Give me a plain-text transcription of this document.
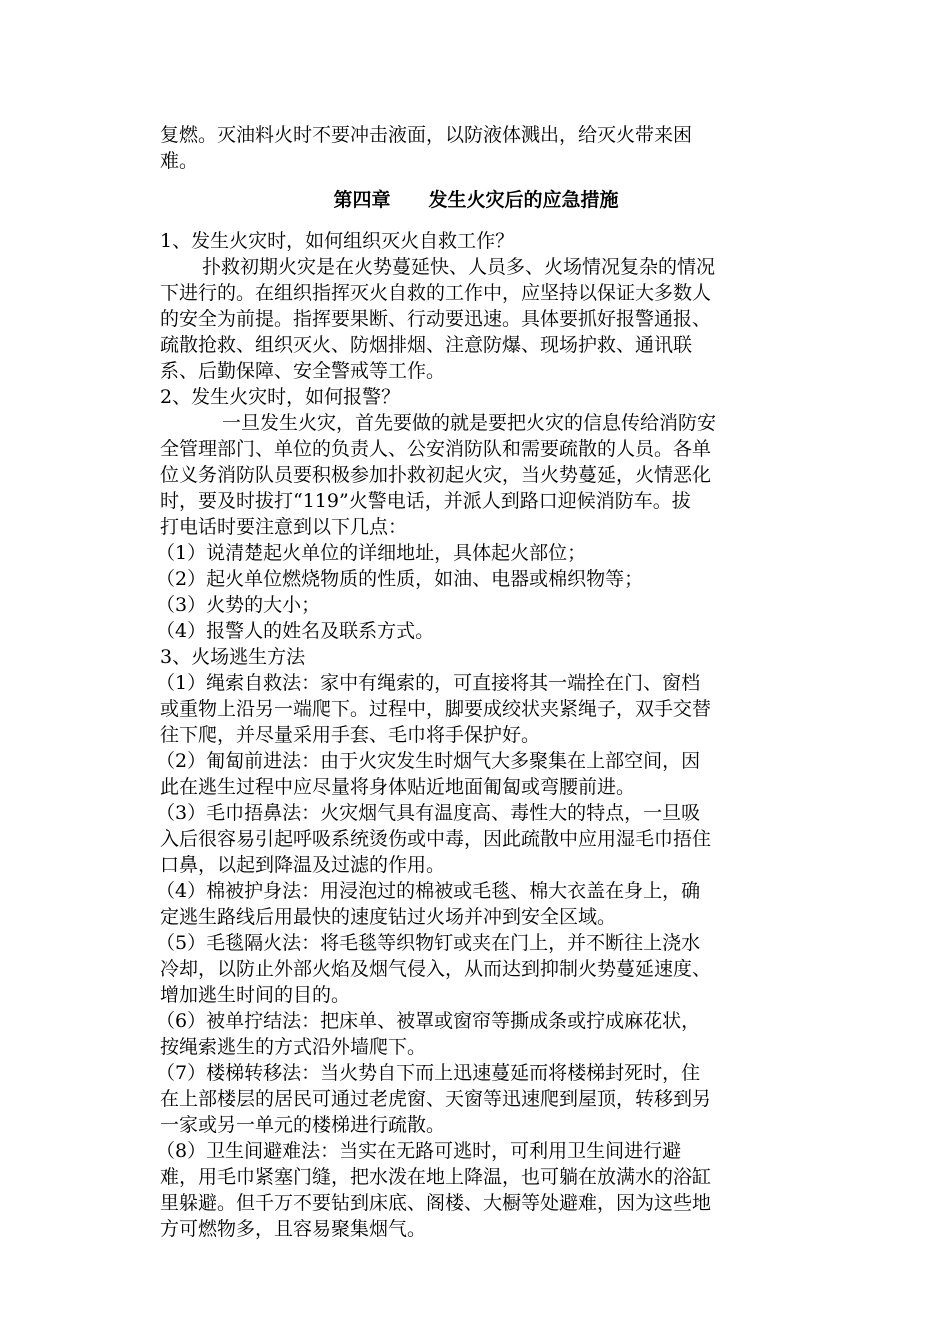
复燃。灭油料火时不要冲击液面，以防液体溅出，给灭火带来困
难。
第四章　　发生火灾后的应急措施
1、发生火灾时，如何组织灭火自救工作？
扑救初期火灾是在火势蔓延快、人员多、火场情况复杂的情况
下进行的。在组织指挥灭火自救的工作中，应坚持以保证大多数人
的安全为前提。指挥要果断、行动要迅速。具体要抓好报警通报、
疏散抢救、组织灭火、防烟排烟、注意防爆、现场护救、通讯联
系、后勤保障、安全警戒等工作。
2、发生火灾时，如何报警？
一旦发生火灾，首先要做的就是要把火灾的信息传给消防安
全管理部门、单位的负责人、公安消防队和需要疏散的人员。各单
位义务消防队员要积极参加扑救初起火灾，当火势蔓延，火情恶化
时，要及时拔打“119”火警电话，并派人到路口迎候消防车。拔
打电话时要注意到以下几点：
（1）说清楚起火单位的详细地址，具体起火部位；
（2）起火单位燃烧物质的性质，如油、电器或棉织物等；
（3）火势的大小；
（4）报警人的姓名及联系方式。
3、火场逃生方法
（1）绳索自救法：家中有绳索的，可直接将其一端拴在门、窗档
或重物上沿另一端爬下。过程中，脚要成绞状夹紧绳子，双手交替
往下爬，并尽量采用手套、毛巾将手保护好。
（2）匍匐前进法：由于火灾发生时烟气大多聚集在上部空间，因
此在逃生过程中应尽量将身体贴近地面匍匐或弯腰前进。
（3）毛巾捂鼻法：火灾烟气具有温度高、毒性大的特点，一旦吸
入后很容易引起呼吸系统烫伤或中毒，因此疏散中应用湿毛巾捂住
口鼻，以起到降温及过滤的作用。
（4）棉被护身法：用浸泡过的棉被或毛毯、棉大衣盖在身上，确
定逃生路线后用最快的速度钻过火场并冲到安全区域。
（5）毛毯隔火法：将毛毯等织物钉或夹在门上，并不断往上浇水
冷却，以防止外部火焰及烟气侵入，从而达到抑制火势蔓延速度、
增加逃生时间的目的。
（6）被单拧结法：把床单、被罩或窗帘等撕成条或拧成麻花状，
按绳索逃生的方式沿外墙爬下。
（7）楼梯转移法：当火势自下而上迅速蔓延而将楼梯封死时，住
在上部楼层的居民可通过老虎窗、天窗等迅速爬到屋顶，转移到另
一家或另一单元的楼梯进行疏散。
（8）卫生间避难法：当实在无路可逃时，可利用卫生间进行避
难，用毛巾紧塞门缝，把水泼在地上降温，也可躺在放满水的浴缸
里躲避。但千万不要钻到床底、阁楼、大橱等处避难，因为这些地
方可燃物多，且容易聚集烟气。
